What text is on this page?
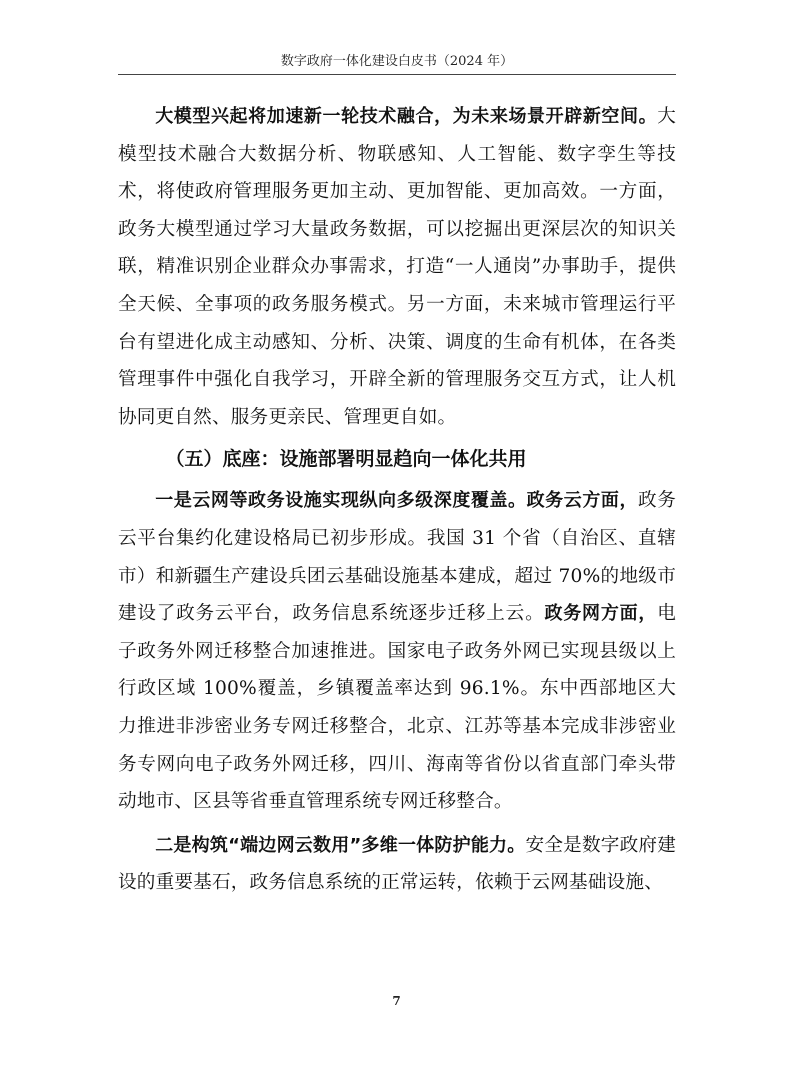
数字政府一体化建设白皮书（2024 年）

大模型兴起将加速新一轮技术融合，为未来场景开辟新空间。大模型技术融合大数据分析、物联感知、人工智能、数字孪生等技术，将使政府管理服务更加主动、更加智能、更加高效。一方面，政务大模型通过学习大量政务数据，可以挖掘出更深层次的知识关联，精准识别企业群众办事需求，打造“一人通岗”办事助手，提供全天候、全事项的政务服务模式。另一方面，未来城市管理运行平台有望进化成主动感知、分析、决策、调度的生命有机体，在各类管理事件中强化自我学习，开辟全新的管理服务交互方式，让人机协同更自然、服务更亲民、管理更自如。

（五）底座：设施部署明显趋向一体化共用

一是云网等政务设施实现纵向多级深度覆盖。政务云方面，政务云平台集约化建设格局已初步形成。我国 31 个省（自治区、直辖市）和新疆生产建设兵团云基础设施基本建成，超过 70%的地级市建设了政务云平台，政务信息系统逐步迁移上云。政务网方面，电子政务外网迁移整合加速推进。国家电子政务外网已实现县级以上行政区域 100%覆盖，乡镇覆盖率达到 96.1%。东中西部地区大力推进非涉密业务专网迁移整合，北京、江苏等基本完成非涉密业务专网向电子政务外网迁移，四川、海南等省份以省直部门牵头带动地市、区县等省垂直管理系统专网迁移整合。

二是构筑“端边网云数用”多维一体防护能力。安全是数字政府建设的重要基石，政务信息系统的正常运转，依赖于云网基础设施、

7
